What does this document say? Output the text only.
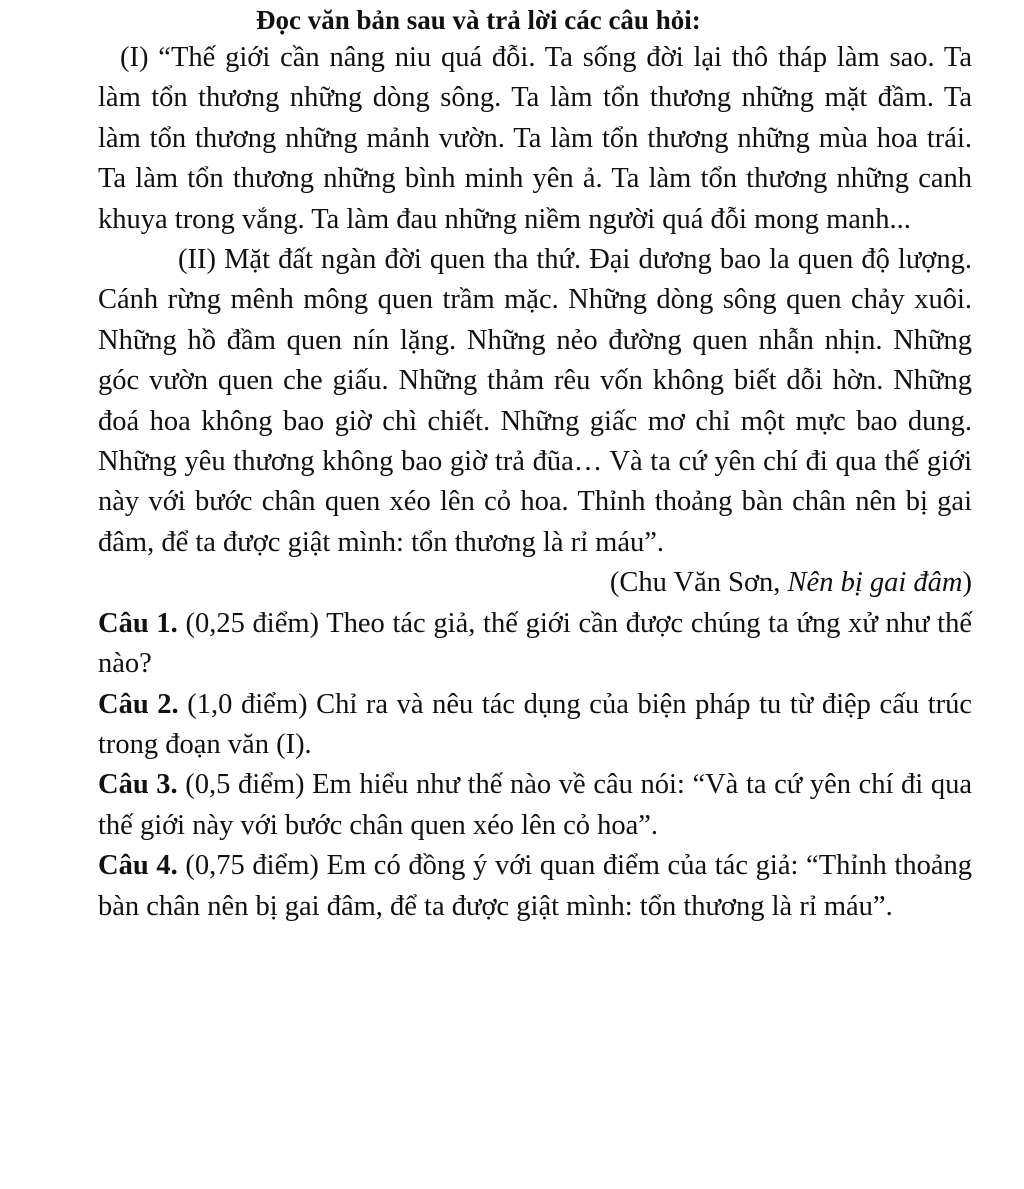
Đọc văn bản sau và trả lời các câu hỏi:

(I) “Thế giới cần nâng niu quá đỗi. Ta sống đời lại thô tháp làm sao. Ta làm tổn thương những dòng sông. Ta làm tổn thương những mặt đầm. Ta làm tổn thương những mảnh vườn. Ta làm tổn thương những mùa hoa trái. Ta làm tổn thương những bình minh yên ả. Ta làm tổn thương những canh khuya trong vắng. Ta làm đau những niềm người quá đỗi mong manh...

(II) Mặt đất ngàn đời quen tha thứ. Đại dương bao la quen độ lượng. Cánh rừng mênh mông quen trầm mặc. Những dòng sông quen chảy xuôi. Những hồ đầm quen nín lặng. Những nẻo đường quen nhẫn nhịn. Những góc vườn quen che giấu. Những thảm rêu vốn không biết dỗi hờn. Những đoá hoa không bao giờ chì chiết. Những giấc mơ chỉ một mực bao dung. Những yêu thương không bao giờ trả đũa… Và ta cứ yên chí đi qua thế giới này với bước chân quen xéo lên cỏ hoa. Thỉnh thoảng bàn chân nên bị gai đâm, để ta được giật mình: tổn thương là rỉ máu”.

(Chu Văn Sơn, Nên bị gai đâm)

Câu 1. (0,25 điểm) Theo tác giả, thế giới cần được chúng ta ứng xử như thế nào?

Câu 2. (1,0 điểm) Chỉ ra và nêu tác dụng của biện pháp tu từ điệp cấu trúc trong đoạn văn (I).

Câu 3. (0,5 điểm) Em hiểu như thế nào về câu nói: “Và ta cứ yên chí đi qua thế giới này với bước chân quen xéo lên cỏ hoa”.

Câu 4. (0,75 điểm) Em có đồng ý với quan điểm của tác giả: “Thỉnh thoảng bàn chân nên bị gai đâm, để ta được giật mình: tổn thương là rỉ máu”.
